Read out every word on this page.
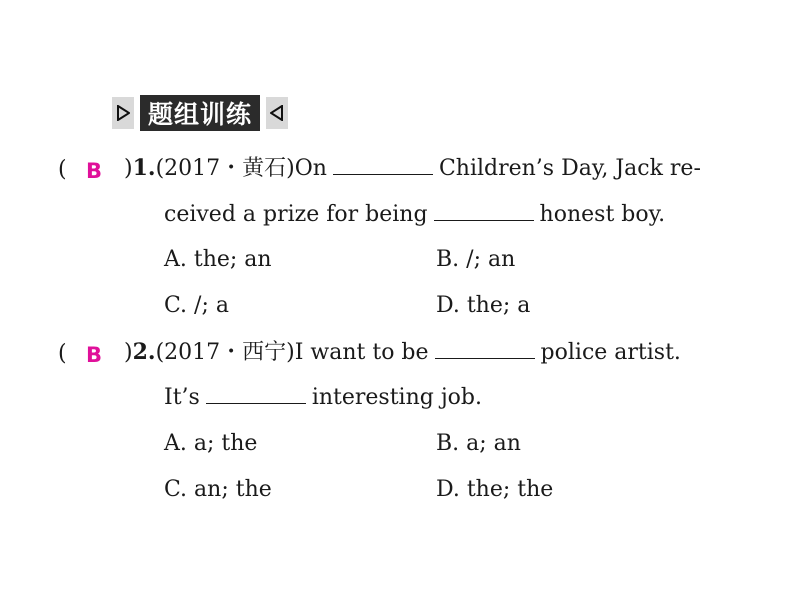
题组训练
( B )1.(2017・黄石)On	Children’s Day, Jack re-
ceived a prize for being	honest boy.
A. the; an	B. /; an
C. /; a	D. the; a
( B )2.(2017・西宁)I want to be	police artist.
It’s	interesting job.
A. a; the	B. a; an
C. an; the	D. the; the
